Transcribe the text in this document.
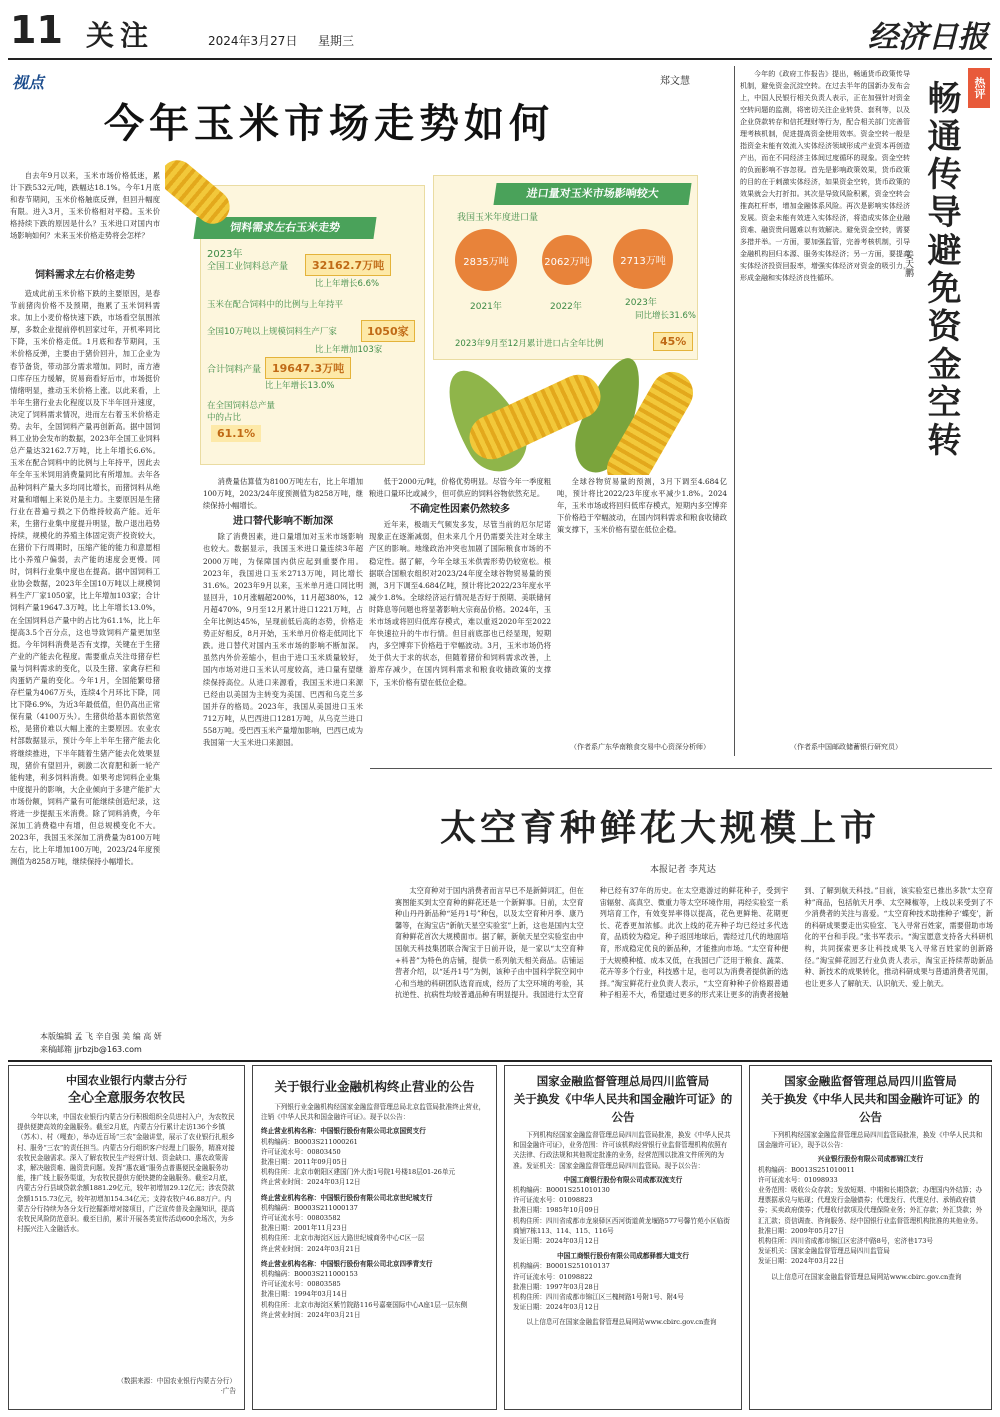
11 关注	2024年3月27日 星期三	经济日报
视点	郑文慧
今年玉米市场走势如何

自去年9月以来，玉米市场价格低迷，累计下跌532元/吨，跌幅达18.1%。今年1月底和春节期间，玉米价格触底反弹，但回升幅度有限。进入3月，玉米价格相对平稳。玉米价格持续下跌的原因是什么？玉米进口对国内市场影响如何？未来玉米价格走势将会怎样？

饲料需求左右价格走势
饲料需求左右玉米走势
2023年
全国工业饲料总产量	32162.7万吨
比上年增长6.6%
玉米在配合饲料中的比例与上年持平
全国10万吨以上规模饲料生产厂家	1050家
比上年增加103家
合计饲料产量 19647.3万吨
比上年增长13.0%
在全国饲料总产量中的占比
61.1%
进口量对玉米市场影响较大
我国玉米年度进口量
2835万吨	2062万吨	2713万吨
2021年	2022年	2023年
同比增长31.6%
2023年9月至12月累计进口占全年比例	45%

造成此前玉米价格下跌的主要原因，是春节前猪肉价格不及预期，拖累了玉米饲料需求。加上小麦价格快速下跌，市场看空氛围浓厚，多数企业提前停机回家过年，开机率同比下降，玉米价格走低。1月底和春节期间，玉米价格反弹，主要由于猪价回升，加工企业为春节备货，带动部分需求增加。同时，南方港口库存压力缓解，贸易商看好后市，市场挺价情绪明显，推动玉米价格上涨。以此来看，上半年生猪行业去化程度以及下半年回升速度，决定了饲料需求情况，进而左右着玉米价格走势。去年，全国饲料产量再创新高。据中国饲料工业协会发布的数据，2023年全国工业饲料总产量达32162.7万吨，比上年增长6.6%。玉米在配合饲料中的比例与上年持平，因此去年全年玉米饲用消费量同比有所增加。去年各品种饲料产量大多均同比增长，而猪饲料从绝对量和增幅上来说仍是主力。主要原因是生猪行业在普遍亏损之下仍维持较高产能。近年来，生猪行业集中度提升明显，散户退出趋势持续，规模化的养殖主体固定资产投资较大，在猪价下行周期时，压缩产能的能力和意愿相比小养殖户偏弱，去产能的速度会更慢。同时，饲料行业集中度也在提高。据中国饲料工业协会数据，2023年全国10万吨以上规模饲料生产厂家1050家，比上年增加103家；合计饲料产量19647.3万吨，比上年增长13.0%，在全国饲料总产量中的占比为61.1%，比上年提高3.5个百分点，这也导致饲料产量更加坚挺。今年饲料消费是否有支撑，关键在于生猪产业的产能去化程度。需要重点关注母猪存栏量与饲料需求的变化，以及生猪、家禽存栏和肉蛋奶产量的变化。今年1月，全国能繁母猪存栏量为4067万头，连续4个月环比下降，同比下降6.9%，为近3年最低值，但仍高出正常保有量（4100万头）。生猪供给基本面依然宽松，是猪价难以大幅上涨的主要原因。农业农村部数据显示，预计今年上半年生猪产能去化将继续推进，下半年随着生猪产能去化效果显现，猪价有望回升，刺激二次育肥和新一轮产能构建，利多饲料消费。如果考虑饲料企业集中度提升的影响，大企业倾向于多建产能扩大市场份额，饲料产量有可能继续创造纪录，这将进一步提振玉米消费。除了饲料消费，今年深加工消费稳中有增，但总规模变化不大。2023年，我国玉米深加工消费量为8100万吨左右，比上年增加100万吨，2023/24年度预测值为8258万吨，继续保持小幅增长。

消费量估算值为8100万吨左右，比上年增加100万吨，2023/24年度预测值为8258万吨，继续保持小幅增长。

进口替代影响不断加深

除了消费因素，进口量增加对玉米市场影响也较大。数据显示，我国玉米进口量连续3年超2000万吨，为保障国内供应起到重要作用。2023年，我国进口玉米2713万吨，同比增长31.6%。2023年9月以来，玉米单月进口同比明显回升，10月涨幅超200%，11月超380%，12月超470%，9月至12月累计进口1221万吨，占全年比例达45%，呈现前低后高的态势，价格走势正好相反，8月开始，玉米单月价格走低同比下跌。进口替代对国内玉米市场的影响不断加深。虽然内外价差缩小，但由于进口玉米质量较好，国内市场对进口玉米认可度较高，进口量有望继续保持高位。从进口来源看，我国玉米进口来源已经由以美国为主转变为美国、巴西和乌克兰多国并存的格局。2023年，我国从美国进口玉米712万吨，从巴西进口1281万吨，从乌克兰进口558万吨。受巴西玉米产量增加影响，巴西已成为我国第一大玉米进口来源国。

低于2000元/吨，价格优势明显。尽管今年一季度粗粮进口量环比或减少，但可供应的饲料谷物依然充足。

不确定性因素仍然较多

近年来，极端天气频发多发，尽管当前的厄尔尼诺现象正在逐渐减弱，但未来几个月仍需要关注对全球主产区的影响。地缘政治冲突也加剧了国际粮食市场的不稳定性。据了解，今年全球玉米供需形势仍较宽松。根据联合国粮农组织对2023/24年度全球谷物贸易量的预测，3月下调至4.684亿吨，预计将比2022/23年度水平减少1.8%。全球经济运行情况是否好于预期、美联储何时降息等问题也将显著影响大宗商品价格。2024年，玉米市场或将回归低库存模式，难以重返2020年至2022年快速拉升的牛市行情。但目前底部也已经显现，短期内，多空博弈下价格趋于窄幅波动。3月，玉米市场仍将处于供大于求的状态，但随着猪价和饲料需求改善，上游库存减少，在国内饲料需求和粮食收储政策的支撑下，玉米价格有望在低位企稳。

全球谷物贸易量的预测，3月下调至4.684亿吨，预计将比2022/23年度水平减少1.8%。2024年，玉米市场或将回归低库存模式，短期内多空博弈下价格趋于窄幅波动，在国内饲料需求和粮食收储政策支撑下，玉米价格有望在低位企稳。

（作者系广东华南粮食交易中心资深分析师）

今年的《政府工作报告》提出，畅通货币政策传导机制，避免资金沉淀空转。在过去半年的国新办发布会上，中国人民银行相关负责人表示，正在加强针对资金空转问题的监测，将密切关注企业转贷、套利等，以及企业贷款转存和信托理财等行为，配合相关部门完善管理考核机制，促进提高资金使用效率。资金空转一般是指资金未能有效流入实体经济领域形成产业资本再创造产出，而在不同经济主体间过度循环的现象。资金空转的负面影响不容忽视。首先是影响政策效果，货币政策的目的在于刺激实体经济，如果资金空转，货币政策的效果就会大打折扣。其次是导致风险积累，资金空转会推高杠杆率，增加金融体系风险。再次是影响实体经济发展。资金未能有效进入实体经济，将造成实体企业融资难、融资贵问题难以有效解决。避免资金空转，需要多措并举。一方面，要加强监管，完善考核机制，引导金融机构回归本源、服务实体经济；另一方面，要提高实体经济投资回报率，增强实体经济对资金的吸引力，形成金融和实体经济良性循环。

（作者系中国邮政储蓄银行研究员）
热评
畅通传导避免资金空转
姜天鹏
太空育种鲜花大规模上市
本报记者 李芃达

太空育种对于国内消费者而言早已不是新鲜词汇，但在赛图能买到太空育种的鲜花还是一个新鲜事。日前，太空育种山丹丹新品种“延丹1号”种包，以及太空育种月季、康乃馨等，在淘宝店“新航天星空实验室”上新，这也是国内太空育种鲜花首次大规模面市。据了解，新航天星空实验室由中国航天科技集团联合淘宝于日前开设，是一家以“太空育种+科普”为特色的店铺，提供一系列航天相关商品。店铺运营者介绍，以“延丹1号”为例，该种子由中国科学院空间中心和当地的科研团队选育而成，经历了太空环境的考验，其抗逆性、抗病性均较普通品种有明显提升。我国进行太空育种已经有37年的历史。在太空遨游过的鲜花种子，受到宇宙辐射、高真空、微重力等太空环境作用，再经实验室一系列培育工作，有效变异率得以提高，花色更鲜艳、花期更长、花香更加浓郁。此次上线的花卉种子均已经过多代选育，品质较为稳定。种子返回地球后，需经过几代的地面培育，形成稳定优良的新品种，才能推向市场。“太空育种便于大规模种植、成本又低，在我国已广泛用于粮食、蔬菜、花卉等多个行业，科技感十足，也可以为消费者提供新的选择。”淘宝鲜花行业负责人表示，“太空育种种子价格跟普通种子相差不大，希望通过更多的形式来让更多的消费者接触到、了解到航天科技。”目前，该实验室已推出多款“太空育种”商品，包括航天月季、太空辣椒等，上线以来受到了不少消费者的关注与喜爱。“太空育种技术助推种子‘蝶变’，新的科研成果要走出实验室、飞入寻常百姓家，需要借助市场化的平台和手段。”张书军表示。“淘宝愿意支持各大科研机构，共同探索更多让科技成果飞入寻常百姓家的创新路径。”淘宝鲜花园艺行业负责人表示，淘宝正持续帮助新品种、新技术的成果转化，推动科研成果与普通消费者见面，也让更多人了解航天、认识航天、爱上航天。

本版编辑 孟 飞 辛自强 美 编 高 妍
来稿邮箱 jjrbzjb@163.com
中国农业银行内蒙古分行
全心全意服务农牧民
今年以来，中国农业银行内蒙古分行积极组织全员进村入户，为农牧民提供便捷高效的金融服务。截至2月底，内蒙古分行累计走访136个乡镇（苏木）、村（嘎查），举办近百场“三农”金融讲堂，展示了农业银行扎根乡村、服务“三农”的责任担当。内蒙古分行组织客户经理上门服务，精准对接农牧民金融需求。深入了解农牧民生产经营计划、资金缺口、惠农政策需求，解决融资难、融资贵问题。发挥“惠农通”服务点普惠便民金融服务功能，推广线上服务渠道，为农牧民提供方便快捷的金融服务。截至2月底，内蒙古分行县域贷款余额1881.29亿元，较年初增加29.12亿元；涉农贷款余额1515.73亿元，较年初增加154.34亿元；支持农牧户46.88万户。内蒙古分行持续为各分支行挖掘新增对接项目，广泛宣传普及金融知识，提高农牧民风险防范意识。截至目前，累计开展各类宣传活动600余场次，为乡村振兴注入金融活水。
（数据来源：中国农业银行内蒙古分行）
·广告
关于银行业金融机构终止营业的公告
下列银行业金融机构经国家金融监督管理总局北京监管局批准终止营业，注销《中华人民共和国金融许可证》。现予以公告：
终止营业机构名称：中国银行股份有限公司北京国贸支行
机构编码：B0003S211000261
许可证流水号：00803450
批准日期：2011年09月05日
机构住所：北京市朝阳区建国门外大街1号院1号楼18层01-26单元
终止营业时间：2024年03月12日
终止营业机构名称：中国银行股份有限公司北京世纪城支行
机构编码：B0003S211000137
许可证流水号：00803582
批准日期：2001年11月23日
机构住所：北京市海淀区远大路世纪城商务中心C区一层
终止营业时间：2024年03月21日
终止营业机构名称：中国银行股份有限公司北京四季青支行
机构编码：B0003S211000153
许可证流水号：00803585
批准日期：1994年03月14日
机构住所：北京市海淀区紫竹院路116号嘉豪国际中心A座1层一层东侧
终止营业时间：2024年03月21日
国家金融监督管理总局四川监管局
关于换发《中华人民共和国金融许可证》的公告
下列机构经国家金融监督管理总局四川监管局批准，换发《中华人民共和国金融许可证》，业务范围：许可该机构经营银行业监督管理机构依照有关法律、行政法规和其他规定批准的业务，经营范围以批准文件所列的为准。发证机关：国家金融监督管理总局四川监管局。现予以公告：
中国工商银行股份有限公司成都双流支行
机构编码：B0001S251010130
许可证流水号：01098823
批准日期：1985年10月09日
机构住所：四川省成都市龙泉驿区西河街道黄龙堰路577号馨竹苑小区临街商铺7栋113、114、115、116号
发证日期：2024年03月12日
中国工商银行股份有限公司成都驿都大道支行
机构编码：B0001S251010137
许可证流水号：01098822
批准日期：1997年03月28日
机构住所：四川省成都市锦江区三槐树路1号附1号、附4号
发证日期：2024年03月12日
以上信息可在国家金融监督管理总局网站www.cbirc.gov.cn查询
国家金融监督管理总局四川监管局
关于换发《中华人民共和国金融许可证》的公告
下列机构经国家金融监督管理总局四川监管局批准，换发《中华人民共和国金融许可证》，现予以公告：
兴业银行股份有限公司成都锦江支行
机构编码：B0013S251010011
许可证流水号：01098933
业务范围：吸收公众存款；发放短期、中期和长期贷款；办理国内外结算；办理票据承兑与贴现；代理发行金融债券；代理发行、代理兑付、承销政府债券；买卖政府债券；代理收付款项及代理保险业务；外汇存款；外汇贷款；外汇汇款；资信调查、咨询服务、经中国银行业监督管理机构批准的其他业务。
批准日期：2009年05月27日
机构住所：四川省成都市锦江区宏济中路8号，宏济巷173号
发证机关：国家金融监督管理总局四川监管局
发证日期：2024年03月22日
以上信息可在国家金融监督管理总局网站www.cbirc.gov.cn查询
